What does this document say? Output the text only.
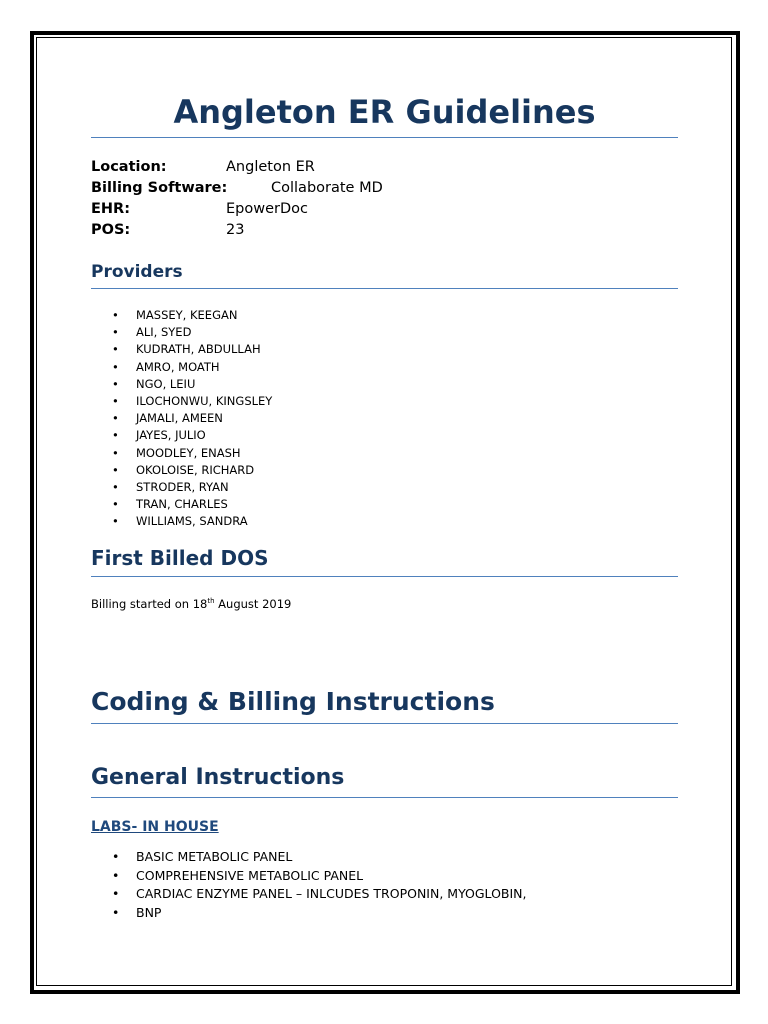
Angleton ER Guidelines
Location:	Angleton ER
Billing Software:	Collaborate MD
EHR:	EpowerDoc
POS:	23
Providers
• MASSEY, KEEGAN
• ALI, SYED
• KUDRATH, ABDULLAH
• AMRO, MOATH
• NGO, LEIU
• ILOCHONWU, KINGSLEY
• JAMALI, AMEEN
• JAYES, JULIO
• MOODLEY, ENASH
• OKOLOISE, RICHARD
• STRODER, RYAN
• TRAN, CHARLES
• WILLIAMS, SANDRA
First Billed DOS
Billing started on 18th August 2019
Coding & Billing Instructions
General Instructions
LABS- IN HOUSE
• BASIC METABOLIC PANEL
• COMPREHENSIVE METABOLIC PANEL
• CARDIAC ENZYME PANEL – INLCUDES TROPONIN, MYOGLOBIN,
• BNP
